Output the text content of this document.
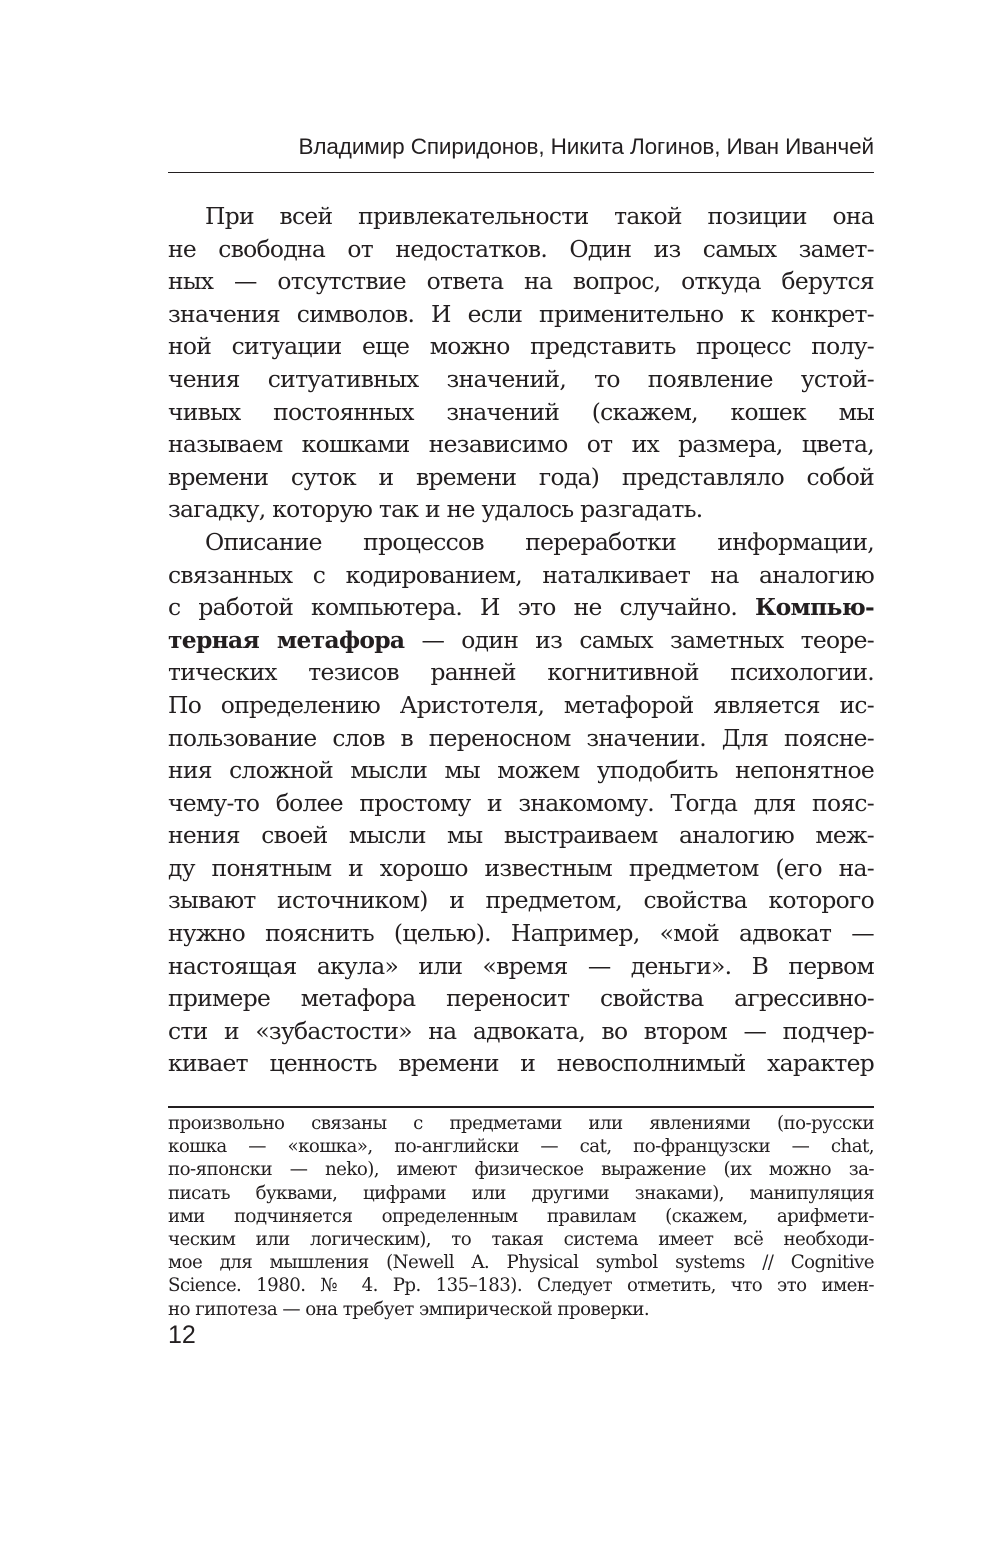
Владимир Спиридонов, Никита Логинов, Иван Иванчей
При всей привлекательности такой позиции она
не свободна от недостатков. Один из самых замет-
ных — отсутствие ответа на вопрос, откуда берутся
значения символов. И если применительно к конкрет-
ной ситуации еще можно представить процесс полу-
чения ситуативных значений, то появление устой-
чивых постоянных значений (скажем, кошек мы
называем кошками независимо от их размера, цвета,
времени суток и времени года) представляло собой
загадку, которую так и не удалось разгадать.
Описание процессов переработки информации,
связанных с кодированием, наталкивает на аналогию
с работой компьютера. И это не случайно. Компью-
терная метафора — один из самых заметных теоре-
тических тезисов ранней когнитивной психологии.
По определению Аристотеля, метафорой является ис-
пользование слов в переносном значении. Для поясне-
ния сложной мысли мы можем уподобить непонятное
чему-то более простому и знакомому. Тогда для пояс-
нения своей мысли мы выстраиваем аналогию меж-
ду понятным и хорошо известным предметом (его на-
зывают источником) и предметом, свойства которого
нужно пояснить (целью). Например, «мой адвокат —
настоящая акула» или «время — деньги». В первом
примере метафора переносит свойства агрессивно-
сти и «зубастости» на адвоката, во втором — подчер-
кивает ценность времени и невосполнимый характер
произвольно связаны с предметами или явлениями (по-русски
кошка — «кошка», по-английски — cat, по-французски — chat,
по-японски — neko), имеют физическое выражение (их можно за-
писать буквами, цифрами или другими знаками), манипуляция
ими подчиняется определенным правилам (скажем, арифмети-
ческим или логическим), то такая система имеет всё необходи-
мое для мышления (Newell A. Physical symbol systems // Cognitive
Science. 1980. № 4. Pp. 135–183). Следует отметить, что это имен-
но гипотеза — она требует эмпирической проверки.
12
